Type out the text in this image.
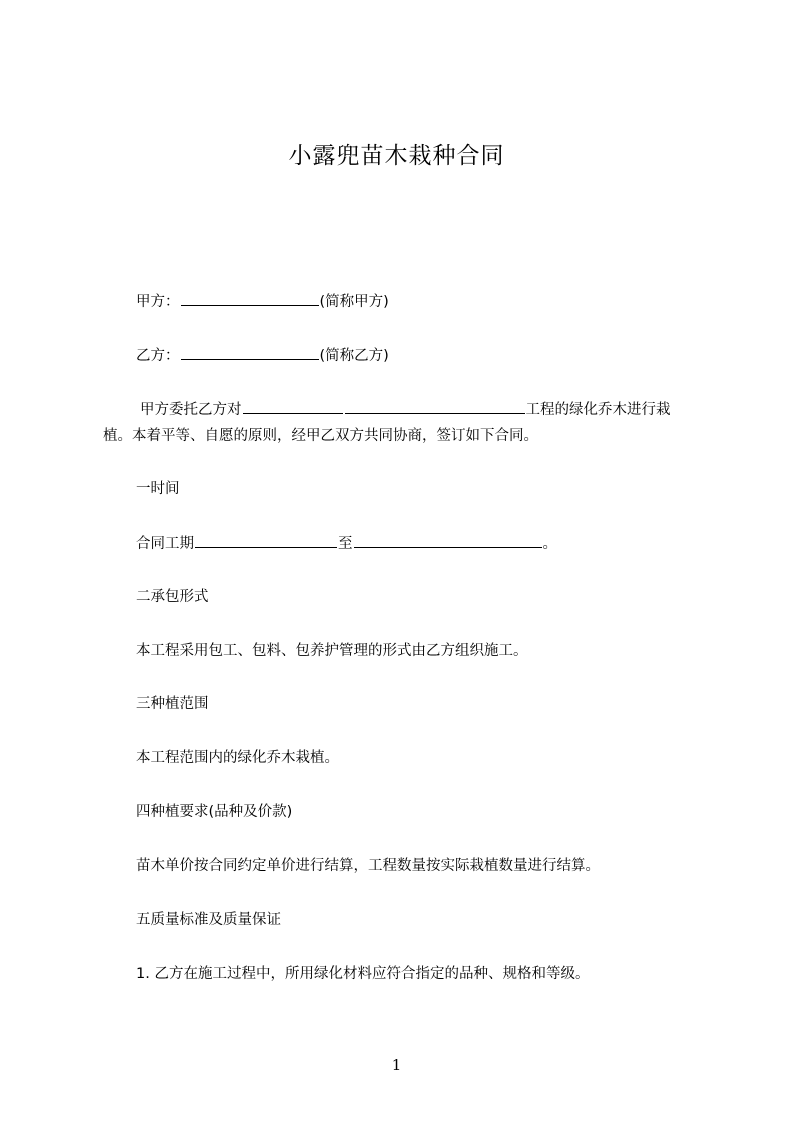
小露兜苗木栽种合同
甲方：	(简称甲方)
乙方：	(简称乙方)
甲方委托乙方对	工程的绿化乔木进行栽
植。本着平等、自愿的原则，经甲乙双方共同协商，签订如下合同。
一时间
合同工期	至	。
二承包形式
本工程采用包工、包料、包养护管理的形式由乙方组织施工。
三种植范围
本工程范围内的绿化乔木栽植。
四种植要求(品种及价款)
苗木单价按合同约定单价进行结算，工程数量按实际栽植数量进行结算。
五质量标准及质量保证
1. 乙方在施工过程中，所用绿化材料应符合指定的品种、规格和等级。
1
